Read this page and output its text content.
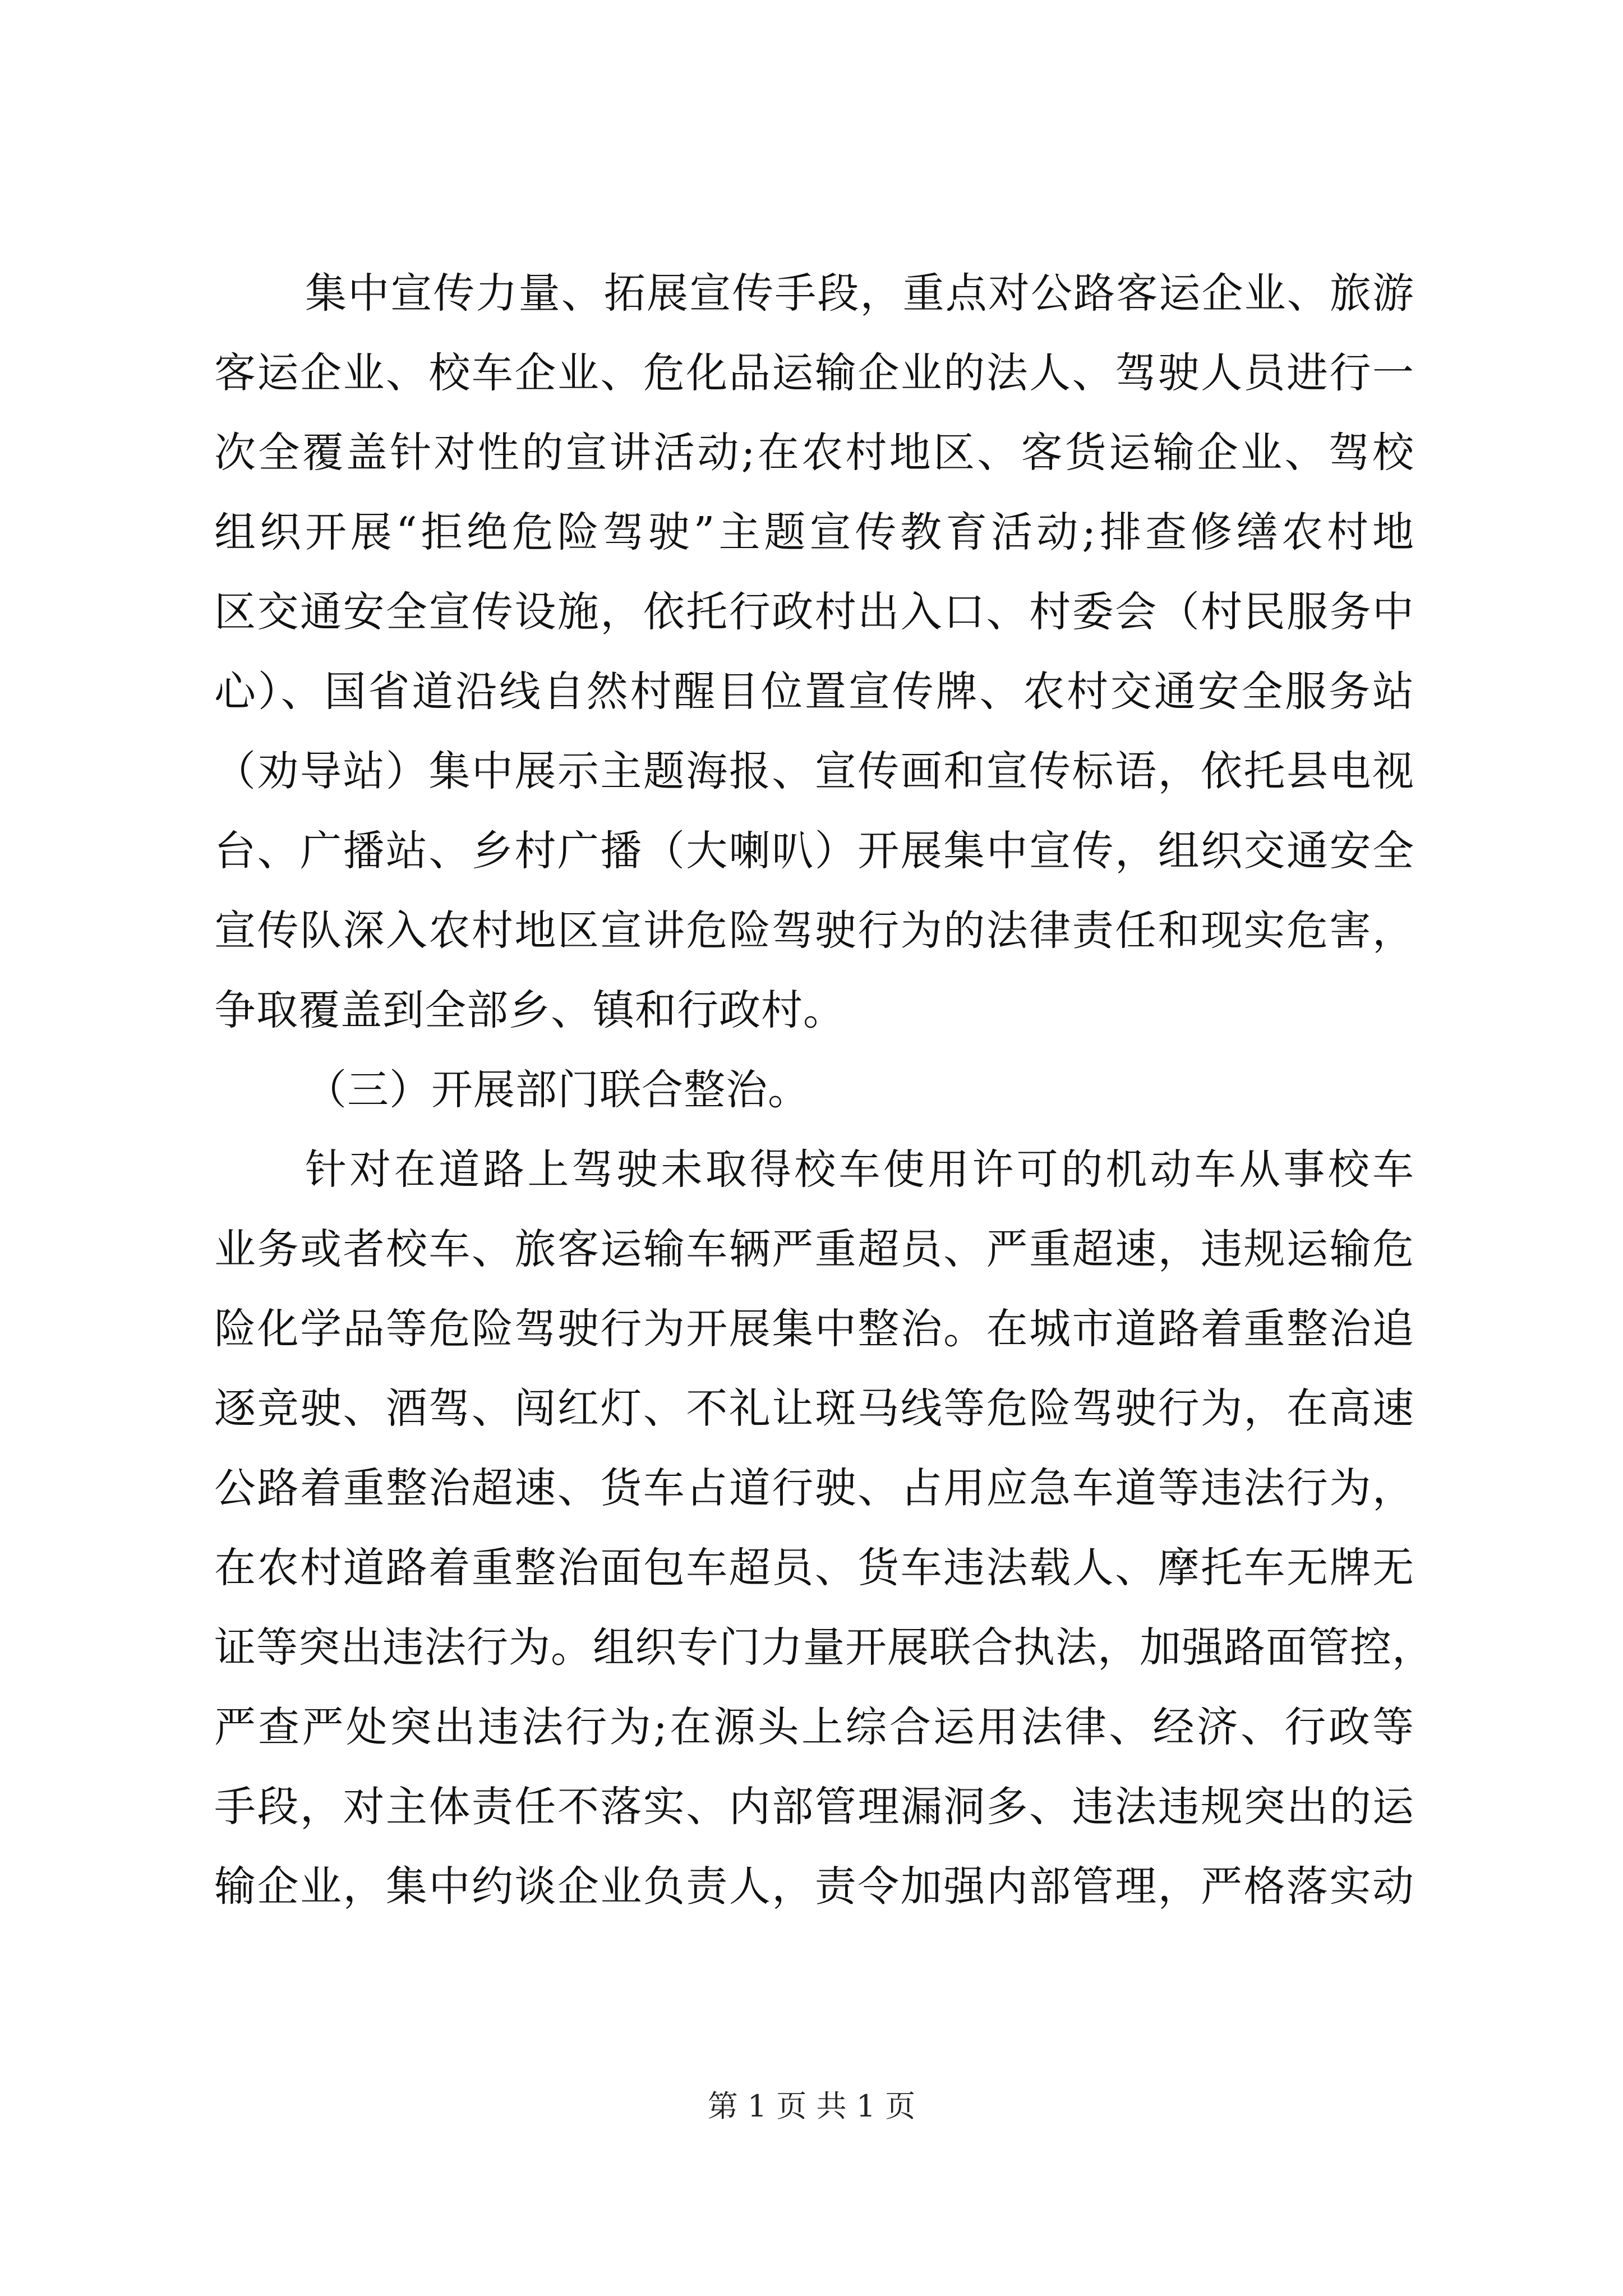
集中宣传力量、拓展宣传手段，重点对公路客运企业、旅游
客运企业、校车企业、危化品运输企业的法人、驾驶人员进行一
次全覆盖针对性的宣讲活动;在农村地区、客货运输企业、驾校
组织开展“拒绝危险驾驶”主题宣传教育活动;排查修缮农村地
区交通安全宣传设施，依托行政村出入口、村委会（村民服务中
心）、国省道沿线自然村醒目位置宣传牌、农村交通安全服务站
（劝导站）集中展示主题海报、宣传画和宣传标语，依托县电视
台、广播站、乡村广播（大喇叭）开展集中宣传，组织交通安全
宣传队深入农村地区宣讲危险驾驶行为的法律责任和现实危害，
争取覆盖到全部乡、镇和行政村。
（三）开展部门联合整治。
针对在道路上驾驶未取得校车使用许可的机动车从事校车
业务或者校车、旅客运输车辆严重超员、严重超速，违规运输危
险化学品等危险驾驶行为开展集中整治。在城市道路着重整治追
逐竞驶、酒驾、闯红灯、不礼让斑马线等危险驾驶行为，在高速
公路着重整治超速、货车占道行驶、占用应急车道等违法行为，
在农村道路着重整治面包车超员、货车违法载人、摩托车无牌无
证等突出违法行为。组织专门力量开展联合执法，加强路面管控，
严查严处突出违法行为;在源头上综合运用法律、经济、行政等
手段，对主体责任不落实、内部管理漏洞多、违法违规突出的运
输企业，集中约谈企业负责人，责令加强内部管理，严格落实动
第 1 页 共 1 页
